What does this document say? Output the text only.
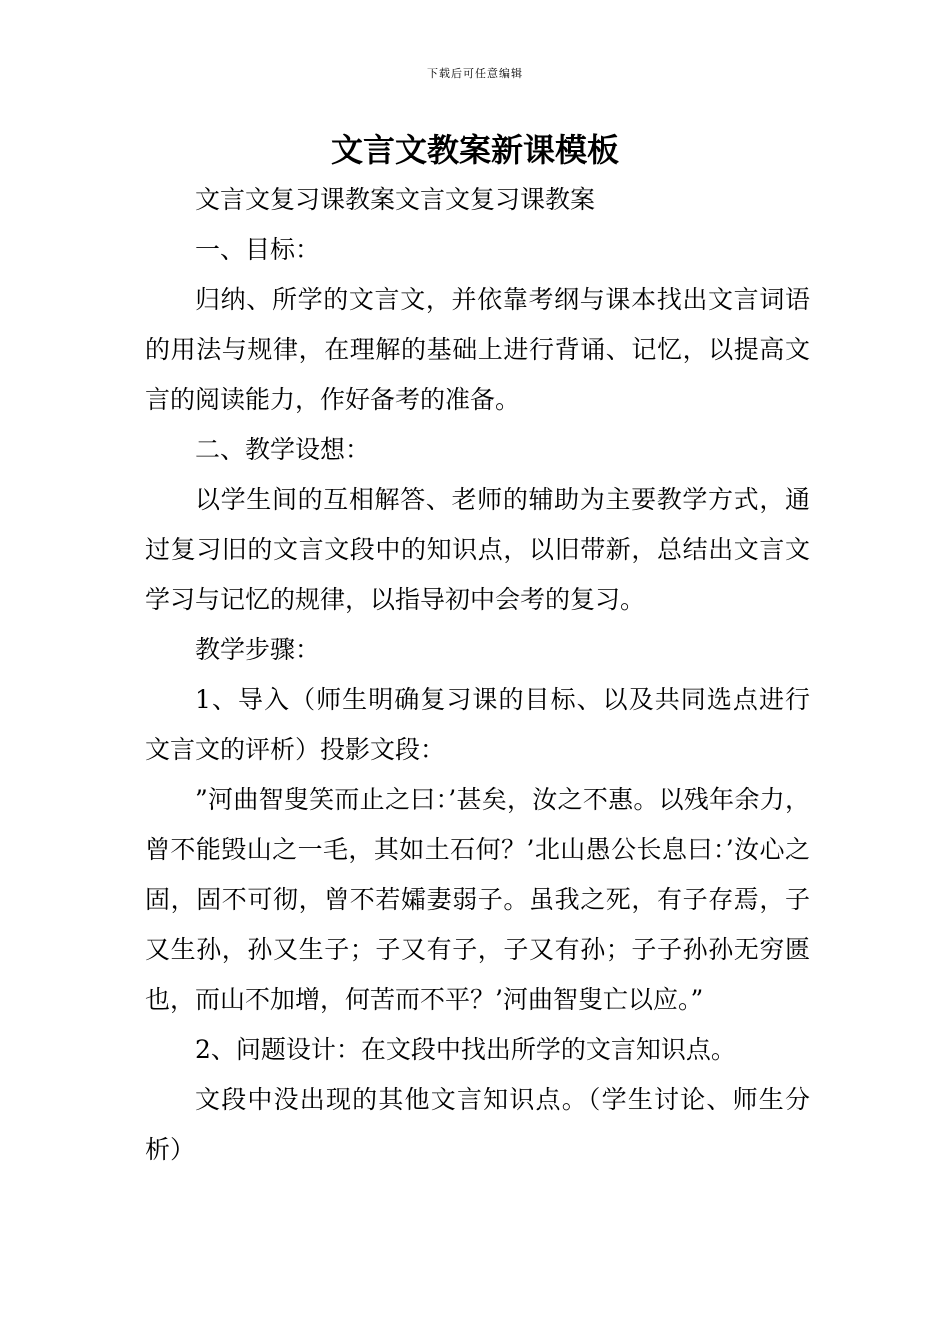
下载后可任意编辑
文言文教案新课模板

文言文复习课教案文言文复习课教案

一、目标：

归纳、所学的文言文，并依靠考纲与课本找出文言词语的用法与规律，在理解的基础上进行背诵、记忆，以提高文言的阅读能力，作好备考的准备。

二、教学设想：

以学生间的互相解答、老师的辅助为主要教学方式，通过复习旧的文言文段中的知识点，以旧带新，总结出文言文学习与记忆的规律，以指导初中会考的复习。

教学步骤：

1、导入（师生明确复习课的目标、以及共同选点进行文言文的评析）投影文段：

”河曲智叟笑而止之曰：’甚矣，汝之不惠。以残年余力，曾不能毁山之一毛，其如土石何？’北山愚公长息曰：’汝心之固，固不可彻，曾不若孀妻弱子。虽我之死，有子存焉，子又生孙，孙又生子；子又有子，子又有孙；子子孙孙无穷匮也，而山不加增，何苦而不平？’河曲智叟亡以应。”

2、问题设计：在文段中找出所学的文言知识点。

文段中没出现的其他文言知识点。（学生讨论、师生分析）
